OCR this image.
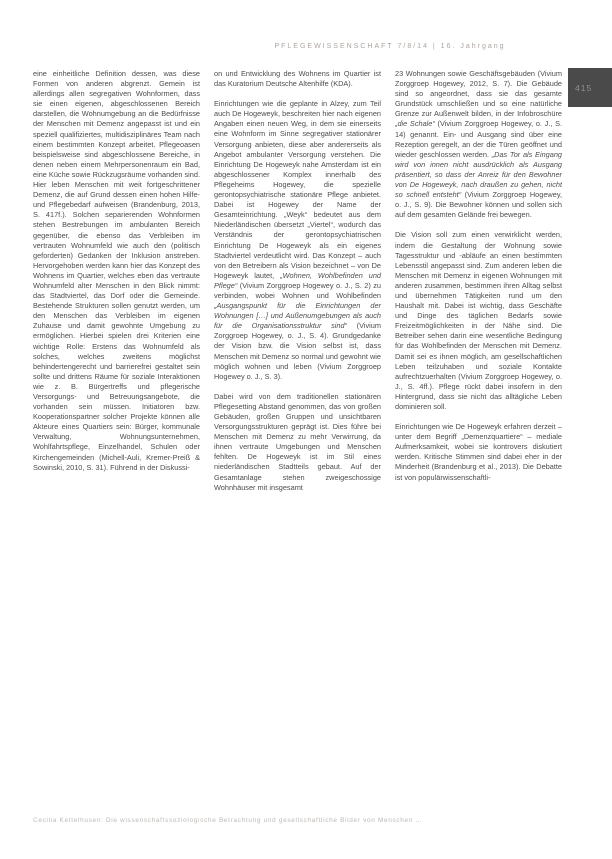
PFLEGEWISSENSCHAFT 7/8/14 | 16. Jahrgang
415

eine einheitliche Definition dessen, was diese Formen von anderen abgrenzt. Gemein ist allerdings allen segregativen Wohnformen, dass sie einen eigenen, abgeschlossenen Bereich darstellen, die Wohnumgebung an die Bedürfnisse der Menschen mit Demenz angepasst ist und ein speziell qualifiziertes, multidisziplinäres Team nach einem bestimmten Konzept arbeitet. Pflegeoasen beispielsweise sind abgeschlossene Bereiche, in denen neben einem Mehrpersonenraum ein Bad, eine Küche sowie Rückzugsräume vorhanden sind. Hier leben Menschen mit weit fortgeschrittener Demenz, die auf Grund dessen einen hohen Hilfe- und Pflegebedarf aufweisen (Brandenburg, 2013, S. 417f.). Solchen separierenden Wohnformen stehen Bestrebungen im ambulanten Bereich gegenüber, die ebenso das Verbleiben im vertrauten Wohnumfeld wie auch den (politisch geforderten) Gedanken der Inklusion anstreben. Hervorgehoben werden kann hier das Konzept des Wohnens im Quartier, welches eben das vertraute Wohnumfeld alter Menschen in den Blick nimmt: das Stadtviertel, das Dorf oder die Gemeinde. Bestehende Strukturen sollen genutzt werden, um den Menschen das Verbleiben im eigenen Zuhause und damit gewohnte Umgebung zu ermöglichen. Hierbei spielen drei Kriterien eine wichtige Rolle: Erstens das Wohnumfeld als solches, welches zweitens möglichst behindertengerecht und barrierefrei gestaltet sein sollte und drittens Räume für soziale Interaktionen wie z. B. Bürgertreffs und pflegerische Versorgungs- und Betreuungsangebote, die vorhanden sein müssen. Initiatoren bzw. Kooperationspartner solcher Projekte können alle Akteure eines Quartiers sein: Bürger, kommunale Verwaltung, Wohnungsunternehmen, Wohlfahrtspflege, Einzelhandel, Schulen oder Kirchengemeinden (Michell-Auli, Kremer-Preiß & Sowinski, 2010, S. 31). Führend in der Diskussi-

on und Entwicklung des Wohnens im Quartier ist das Kuratorium Deutsche Altenhilfe (KDA).

Einrichtungen wie die geplante in Alzey, zum Teil auch De Hogeweyk, beschreiten hier nach eigenen Angaben einen neuen Weg, in dem sie einerseits eine Wohnform im Sinne segregativer stationärer Versorgung anbieten, diese aber andererseits als Angebot ambulanter Versorgung verstehen. Die Einrichtung De Hogeweyk nahe Amsterdam ist ein abgeschlossener Komplex innerhalb des Pflegeheims Hogewey, die spezielle gerontopsychiatrische stationäre Pflege anbietet. Dabei ist Hogewey der Name der Gesamteinrichtung. „Weyk“ bedeutet aus dem Niederländischen übersetzt „Viertel“, wodurch das Verständnis der gerontopsychiatrischen Einrichtung De Hogeweyk als ein eigenes Stadtviertel verdeutlicht wird. Das Konzept – auch von den Betreibern als Vision bezeichnet – von De Hogeweyk lautet, „Wohnen, Wohlbefinden und Pflege“ (Vivium Zorggroep Hogewey o. J., S. 2) zu verbinden, wobei Wohnen und Wohlbefinden „Ausgangspunkt für die Einrichtungen der Wohnungen […] und Außenumgebungen als auch für die Organisationsstruktur sind“ (Vivium Zorggroep Hogewey, o. J., S. 4). Grundgedanke der Vision bzw. die Vision selbst ist, dass Menschen mit Demenz so normal und gewohnt wie möglich wohnen und leben (Vivium Zorggroep Hogewey o. J., S. 3).

Dabei wird von dem traditionellen stationären Pflegesetting Abstand genommen, das von großen Gebäuden, großen Gruppen und unsichtbaren Versorgungsstrukturen geprägt ist. Dies führe bei Menschen mit Demenz zu mehr Verwirrung, da ihnen vertraute Umgebungen und Menschen fehlten. De Hogeweyk ist im Stil eines niederländischen Stadtteils gebaut. Auf der Gesamtanlage stehen zweigeschossige Wohnhäuser mit insgesamt

23 Wohnungen sowie Geschäftsgebäuden (Vivium Zorggroep Hogewey, 2012, S. 7). Die Gebäude sind so angeordnet, dass sie das gesamte Grundstück umschließen und so eine natürliche Grenze zur Außenwelt bilden, in der Infobroschüre „die Schale“ (Vivium Zorggroep Hogewey, o. J., S. 14) genannt. Ein- und Ausgang sind über eine Rezeption geregelt, an der die Türen geöffnet und wieder geschlossen werden. „Das Tor als Eingang wird von innen nicht ausdrücklich als Ausgang präsentiert, so dass der Anreiz für den Bewohner von De Hogeweyk, nach draußen zu gehen, nicht so schnell entsteht“ (Vivium Zorggroep Hogewey, o. J., S. 9). Die Bewohner können und sollen sich auf dem gesamten Gelände frei bewegen.

Die Vision soll zum einen verwirklicht werden, indem die Gestaltung der Wohnung sowie Tagesstruktur und -abläufe an einen bestimmten Lebensstil angepasst sind. Zum anderen leben die Menschen mit Demenz in eigenen Wohnungen mit anderen zusammen, bestimmen ihren Alltag selbst und übernehmen Tätigkeiten rund um den Haushalt mit. Dabei ist wichtig, dass Geschäfte und Dinge des täglichen Bedarfs sowie Freizeitmöglichkeiten in der Nähe sind. Die Betreiber sehen darin eine wesentliche Bedingung für das Wohlbefinden der Menschen mit Demenz. Damit sei es ihnen möglich, am gesellschaftlichen Leben teilzuhaben und soziale Kontakte aufrechtzuerhalten (Vivium Zorggroep Hogewey, o. J., S. 4ff.). Pflege rückt dabei insofern in den Hintergrund, dass sie nicht das alltägliche Leben dominieren soll.

Einrichtungen wie De Hogeweyk erfahren derzeit – unter dem Begriff „Demenzquartiere“ – mediale Aufmerksamkeit, wobei sie kontrovers diskutiert werden. Kritische Stimmen sind dabei eher in der Minderheit (Brandenburg et al., 2013). Die Debatte ist von populärwissenschaftli-

Cecilia Kettelhusen: Die wissenschaftssoziologische Betrachtung und gesellschaftliche Bilder von Menschen …
